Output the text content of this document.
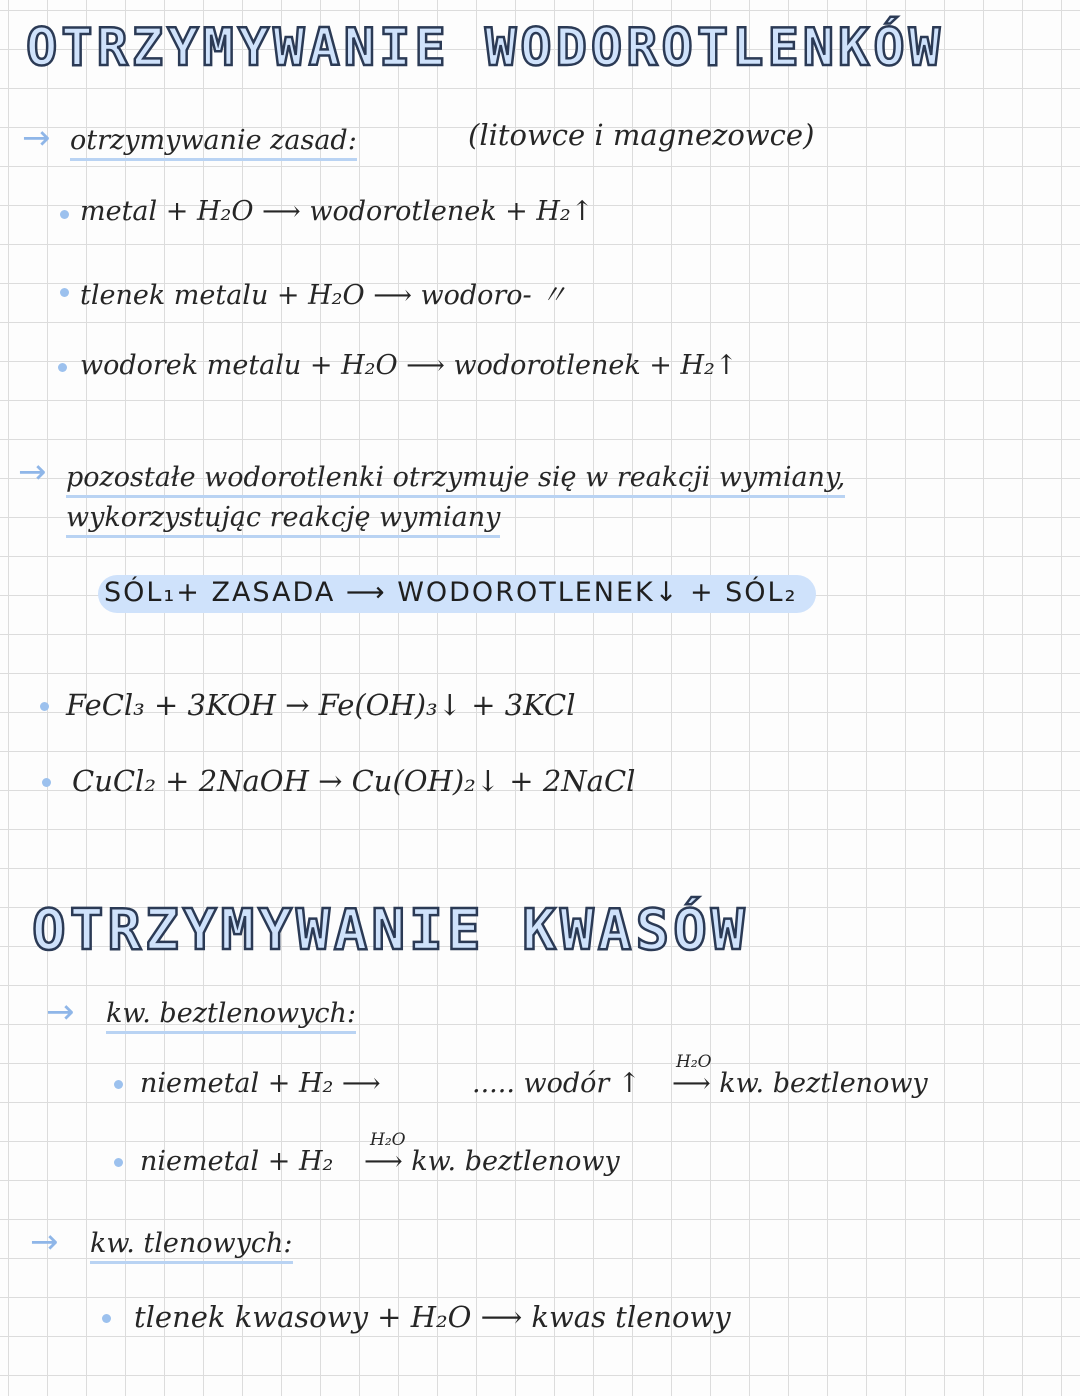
OTRZYMYWANIE WODOROTLENKÓW
→ otrzymywanie zasad:	(litowce i magnezowce)
metal + H₂O ⟶ wodorotlenek + H₂↑
tlenek metalu + H₂O ⟶ wodoro- 〃
wodorek metalu + H₂O ⟶ wodorotlenek + H₂↑
→ pozostałe wodorotlenki otrzymuje się w reakcji wymiany,
wykorzystując reakcję wymiany
SÓL₁+ ZASADA ⟶ WODOROTLENEK↓ + SÓL₂
FeCl₃ + 3KOH → Fe(OH)₃↓ + 3KCl
CuCl₂ + 2NaOH → Cu(OH)₂↓ + 2NaCl
OTRZYMYWANIE KWASÓW
→ kw. beztlenowych:
niemetal + H₂ ⟶	..... wodór ↑
H₂O
⟶ kw. beztlenowy
niemetal + H₂
H₂O
⟶ kw. beztlenowy
→ kw. tlenowych:
tlenek kwasowy + H₂O ⟶ kwas tlenowy
